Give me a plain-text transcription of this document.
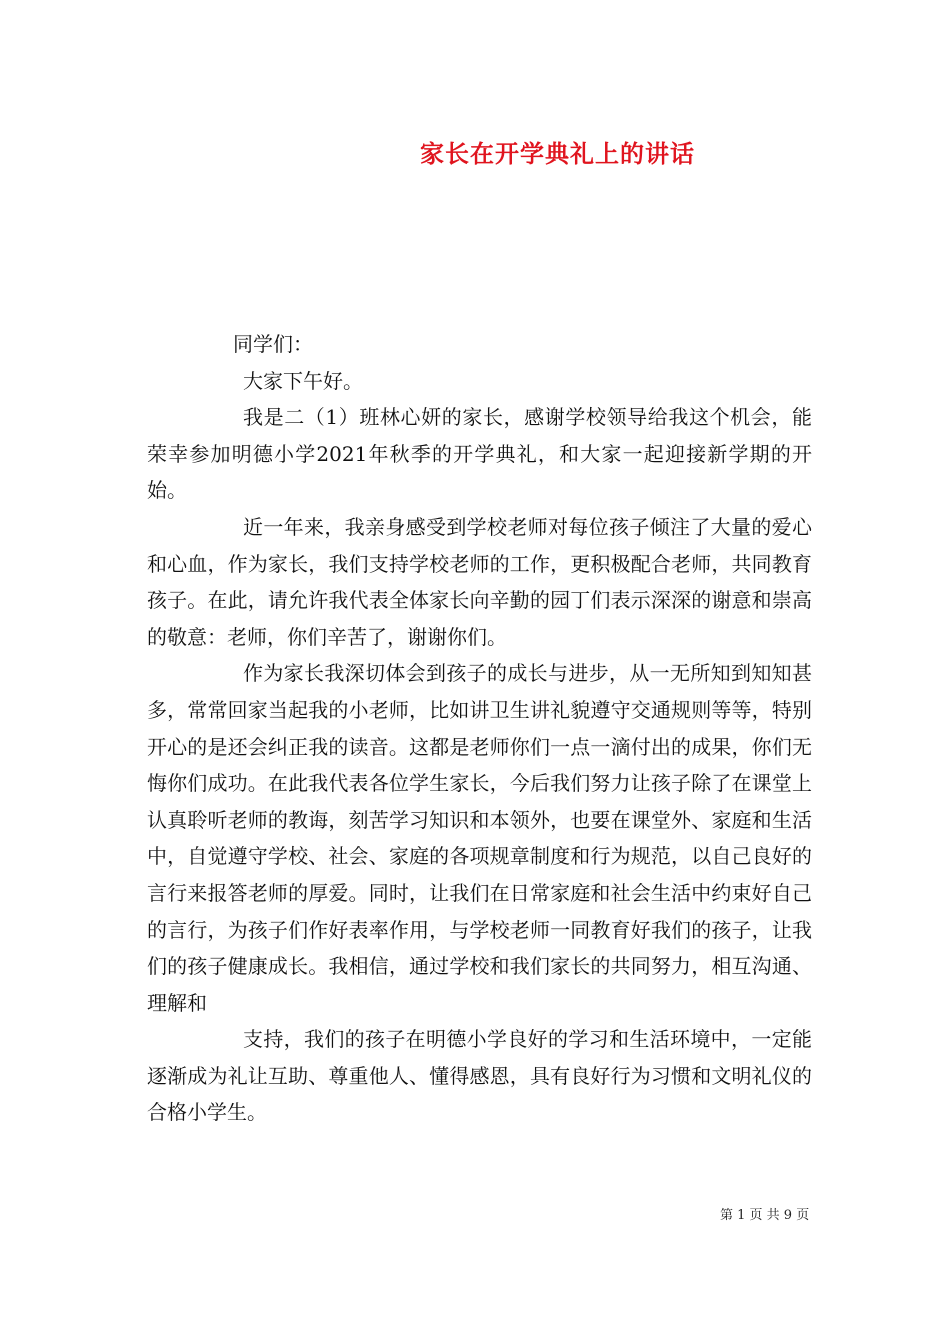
家长在开学典礼上的讲话

同学们：

大家下午好。

我是二（1）班林心妍的家长，感谢学校领导给我这个机会，能荣幸参加明德小学2021年秋季的开学典礼，和大家一起迎接新学期的开始。

近一年来，我亲身感受到学校老师对每位孩子倾注了大量的爱心和心血，作为家长，我们支持学校老师的工作，更积极配合老师，共同教育孩子。在此，请允许我代表全体家长向辛勤的园丁们表示深深的谢意和崇高的敬意：老师，你们辛苦了，谢谢你们。

作为家长我深切体会到孩子的成长与进步，从一无所知到知知甚多，常常回家当起我的小老师，比如讲卫生讲礼貌遵守交通规则等等，特别开心的是还会纠正我的读音。这都是老师你们一点一滴付出的成果，你们无悔你们成功。在此我代表各位学生家长，今后我们努力让孩子除了在课堂上认真聆听老师的教诲，刻苦学习知识和本领外，也要在课堂外、家庭和生活中，自觉遵守学校、社会、家庭的各项规章制度和行为规范，以自己良好的言行来报答老师的厚爱。同时，让我们在日常家庭和社会生活中约束好自己的言行，为孩子们作好表率作用，与学校老师一同教育好我们的孩子，让我们的孩子健康成长。我相信，通过学校和我们家长的共同努力，相互沟通、理解和

支持，我们的孩子在明德小学良好的学习和生活环境中，一定能逐渐成为礼让互助、尊重他人、懂得感恩，具有良好行为习惯和文明礼仪的合格小学生。

第 1 页 共 9 页
